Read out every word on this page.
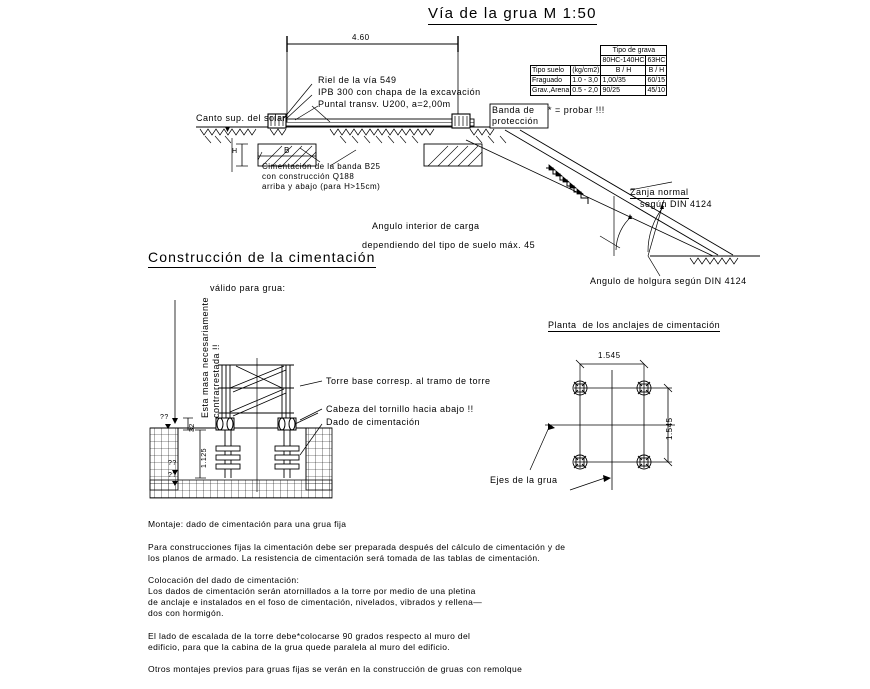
Vía de la grua M 1:50
		Tipo de grava	
		80HC-140HC	63HC
Tipo suelo	(kg/cm2)	B / H	B / H
Fraguado	1.0 - 3,0	1,00/35	60/15
Grav.,Arena	0.5 - 2,0	90/25	45/10
4.60
Riel de la vía 549
IPB 300 con chapa de la excavación
Puntal transv. U200, a=2,00m
Canto sup. del solar
Banda de
protección
* = probar !!!
H	B
Cimentación de la banda B25
con construcción Q188
arriba y abajo (para H>15cm)
Angulo interior de carga
dependiendo del tipo de suelo máx. 45
Zanja normal
según DIN 4124
Angulo de holgura según DIN 4124
Construcción de la cimentación
válido para grua:
Esta masa necesariamente contrarrestada !!	Torre base corresp. al tramo de torre
Cabeza del tornillo hacia abajo !!
Dado de cimentación
32
1.125
??
??
??
Planta  de los anclajes de cimentación
1.545
1.545
Ejes de la grua
Montaje: dado de cimentación para una grua fija
Para construcciones fijas la cimentación debe ser preparada después del cálculo de cimentación y de
los planos de armado. La resistencia de cimentación será tomada de las tablas de cimentación.
Colocación del dado de cimentación:
Los dados de cimentación serán atornillados a la torre por medio de una pletina
de anclaje e instalados en el foso de cimentación, nivelados, vibrados y rellena—
dos con hormigón.
El lado de escalada de la torre debe*colocarse 90 grados respecto al muro del
edificio, para que la cabina de la grua quede paralela al muro del edificio.
Otros montajes previos para gruas fijas se verán en la construcción de gruas con remolque
